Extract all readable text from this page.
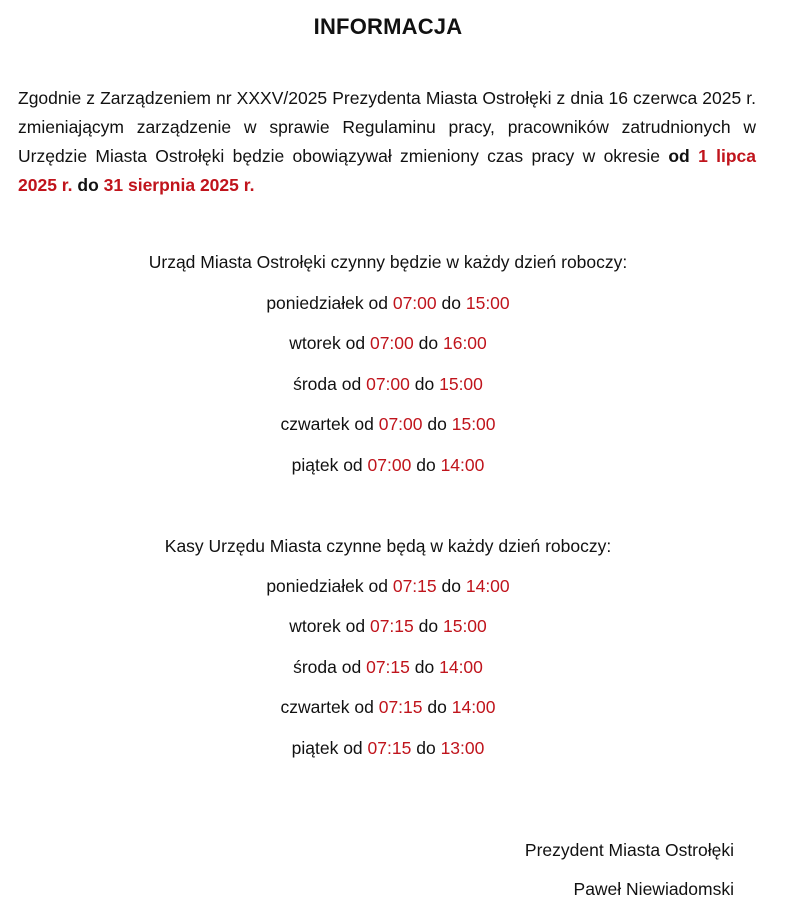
INFORMACJA

Zgodnie z Zarządzeniem nr XXXV/2025 Prezydenta Miasta Ostrołęki z dnia 16 czerwca 2025 r. zmieniającym zarządzenie w sprawie Regulaminu pracy, pracowników zatrudnionych w Urzędzie Miasta Ostrołęki będzie obowiązywał zmieniony czas pracy w okresie od 1 lipca 2025 r. do 31 sierpnia 2025 r.

Urząd Miasta Ostrołęki czynny będzie w każdy dzień roboczy:
poniedziałek od 07:00 do 15:00
wtorek od 07:00 do 16:00
środa od 07:00 do 15:00
czwartek od 07:00 do 15:00
piątek od 07:00 do 14:00
Kasy Urzędu Miasta czynne będą w każdy dzień roboczy:
poniedziałek od 07:15 do 14:00
wtorek od 07:15 do 15:00
środa od 07:15 do 14:00
czwartek od 07:15 do 14:00
piątek od 07:15 do 13:00
Prezydent Miasta Ostrołęki
Paweł Niewiadomski
